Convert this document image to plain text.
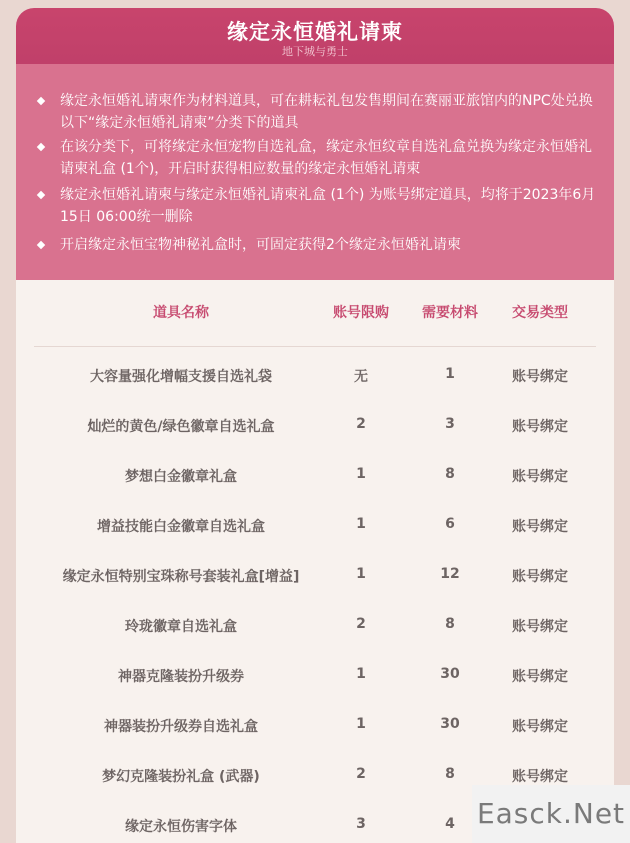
缘定永恒婚礼请柬
地下城与勇士
缘定永恒婚礼请柬作为材料道具，可在耕耘礼包发售期间在赛丽亚旅馆内的NPC处兑换以下“缘定永恒婚礼请柬”分类下的道具
在该分类下，可将缘定永恒宠物自选礼盒，缘定永恒纹章自选礼盒兑换为缘定永恒婚礼请柬礼盒 (1个)，开启时获得相应数量的缘定永恒婚礼请柬
缘定永恒婚礼请柬与缘定永恒婚礼请柬礼盒 (1个) 为账号绑定道具，均将于2023年6月15日 06:00统一删除
开启缘定永恒宝物神秘礼盒时，可固定获得2个缘定永恒婚礼请柬
道具名称	账号限购	需要材料	交易类型
大容量强化增幅支援自选礼袋	无	1	账号绑定
灿烂的黄色/绿色徽章自选礼盒	2	3	账号绑定
梦想白金徽章礼盒	1	8	账号绑定
增益技能白金徽章自选礼盒	1	6	账号绑定
缘定永恒特别宝珠称号套装礼盒[增益]	1	12	账号绑定
玲珑徽章自选礼盒	2	8	账号绑定
神器克隆装扮升级券	1	30	账号绑定
神器装扮升级券自选礼盒	1	30	账号绑定
梦幻克隆装扮礼盒 (武器)	2	8	账号绑定
缘定永恒伤害字体	3	4 Easck.Net
